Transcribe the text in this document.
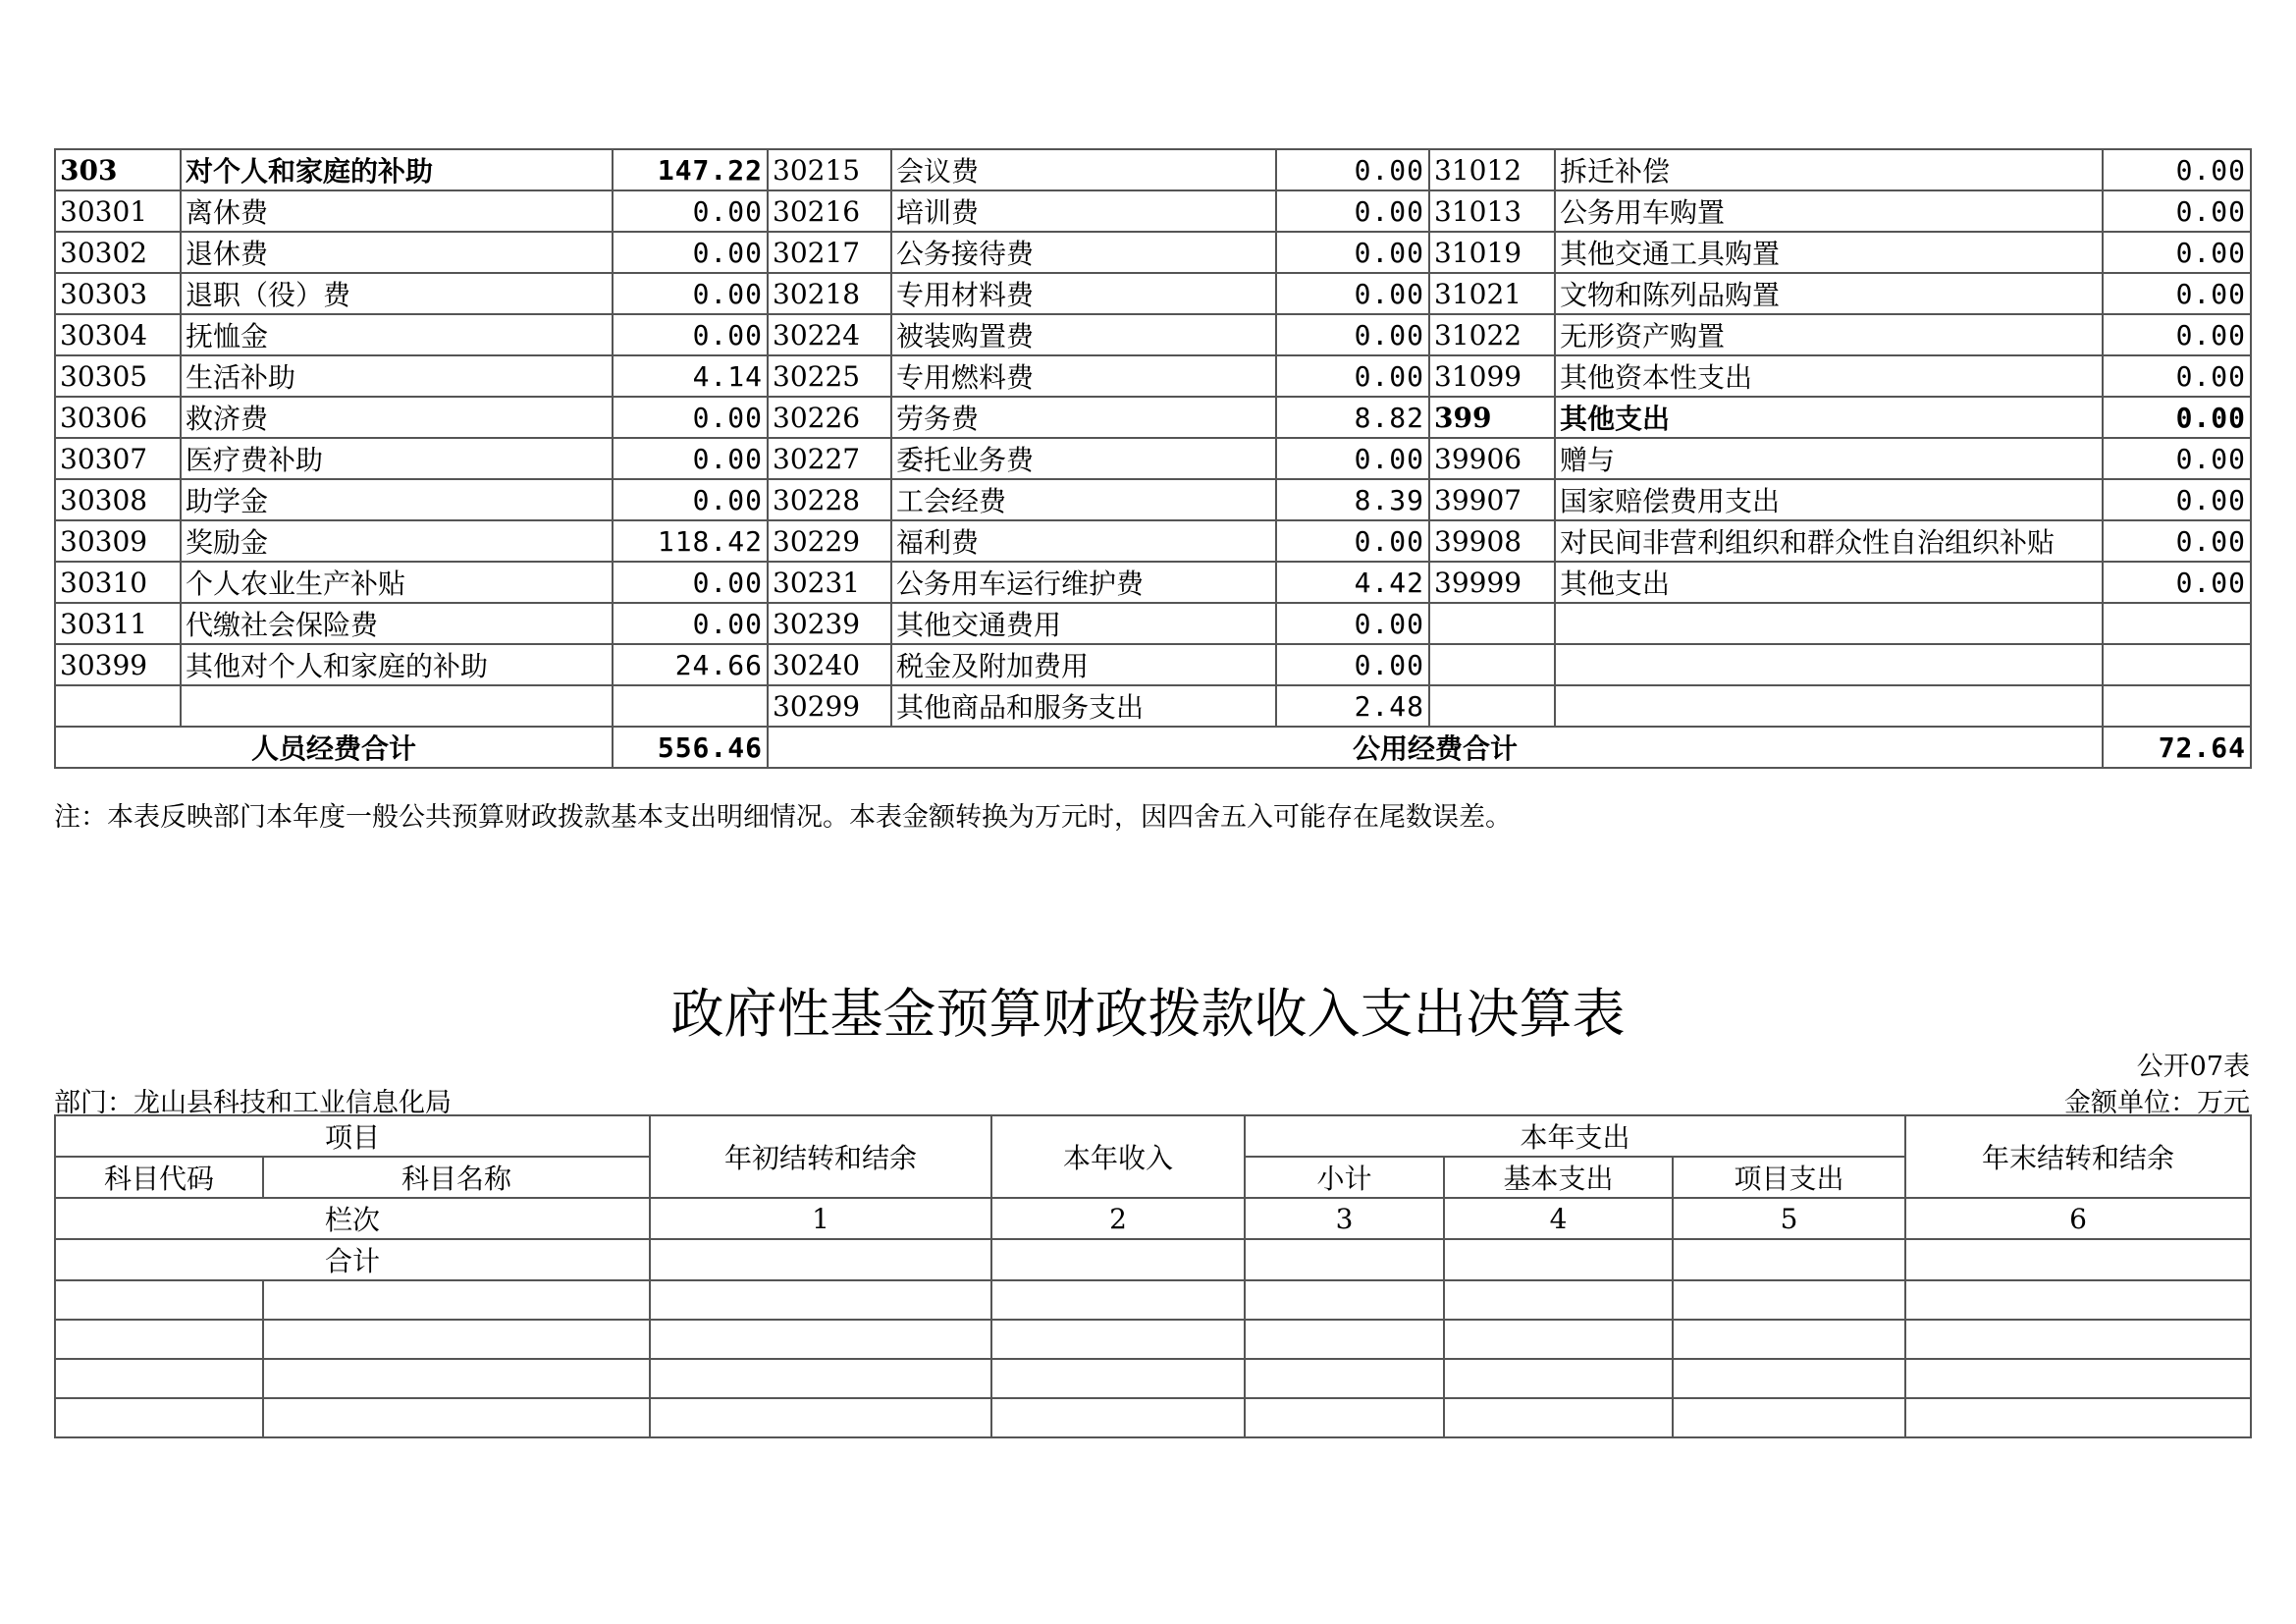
303	对个人和家庭的补助	147.22	30215	会议费	0.00	31012	拆迁补偿	0.00
30301	离休费	0.00	30216	培训费	0.00	31013	公务用车购置	0.00
30302	退休费	0.00	30217	公务接待费	0.00	31019	其他交通工具购置	0.00
30303	退职（役）费	0.00	30218	专用材料费	0.00	31021	文物和陈列品购置	0.00
30304	抚恤金	0.00	30224	被装购置费	0.00	31022	无形资产购置	0.00
30305	生活补助	4.14	30225	专用燃料费	0.00	31099	其他资本性支出	0.00
30306	救济费	0.00	30226	劳务费	8.82	399	其他支出	0.00
30307	医疗费补助	0.00	30227	委托业务费	0.00	39906	赠与	0.00
30308	助学金	0.00	30228	工会经费	8.39	39907	国家赔偿费用支出	0.00
30309	奖励金	118.42	30229	福利费	0.00	39908	对民间非营利组织和群众性自治组织补贴	0.00
30310	个人农业生产补贴	0.00	30231	公务用车运行维护费	4.42	39999	其他支出	0.00
30311	代缴社会保险费	0.00	30239	其他交通费用	0.00			
30399	其他对个人和家庭的补助	24.66	30240	税金及附加费用	0.00			
			30299	其他商品和服务支出	2.48			
人员经费合计		556.46	公用经费合计					72.64
注：本表反映部门本年度一般公共预算财政拨款基本支出明细情况。本表金额转换为万元时，因四舍五入可能存在尾数误差。
政府性基金预算财政拨款收入支出决算表
公开07表
部门：龙山县科技和工业信息化局	金额单位：万元
项目		年初结转和结余	本年收入	本年支出			年末结转和结余
科目代码	科目名称			小计	基本支出	项目支出	
栏次		1	2	3	4	5	6
合计							
